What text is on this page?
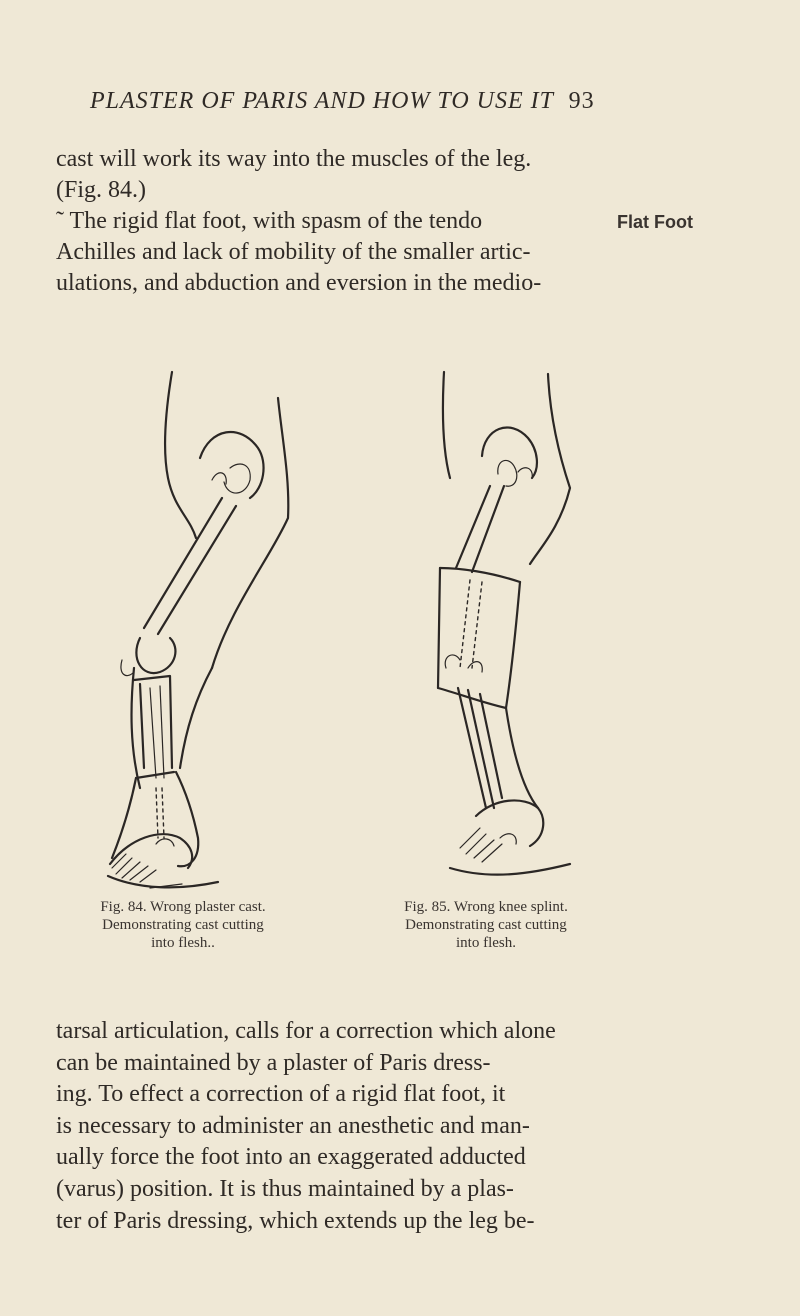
PLASTER OF PARIS AND HOW TO USE IT 93
cast will work its way into the muscles of the leg.
(Fig. 84.)
˜ The rigid flat foot, with spasm of the tendo
Achilles and lack of mobility of the smaller artic-
ulations, and abduction and eversion in the medio-
Flat Foot
Fig. 84. Wrong plaster cast.
Demonstrating cast cutting
into flesh..
Fig. 85. Wrong knee splint.
Demonstrating cast cutting
into flesh.
tarsal articulation, calls for a correction which alone
can be maintained by a plaster of Paris dress-
ing. To effect a correction of a rigid flat foot, it
is necessary to administer an anesthetic and man-
ually force the foot into an exaggerated adducted
(varus) position. It is thus maintained by a plas-
ter of Paris dressing, which extends up the leg be-
